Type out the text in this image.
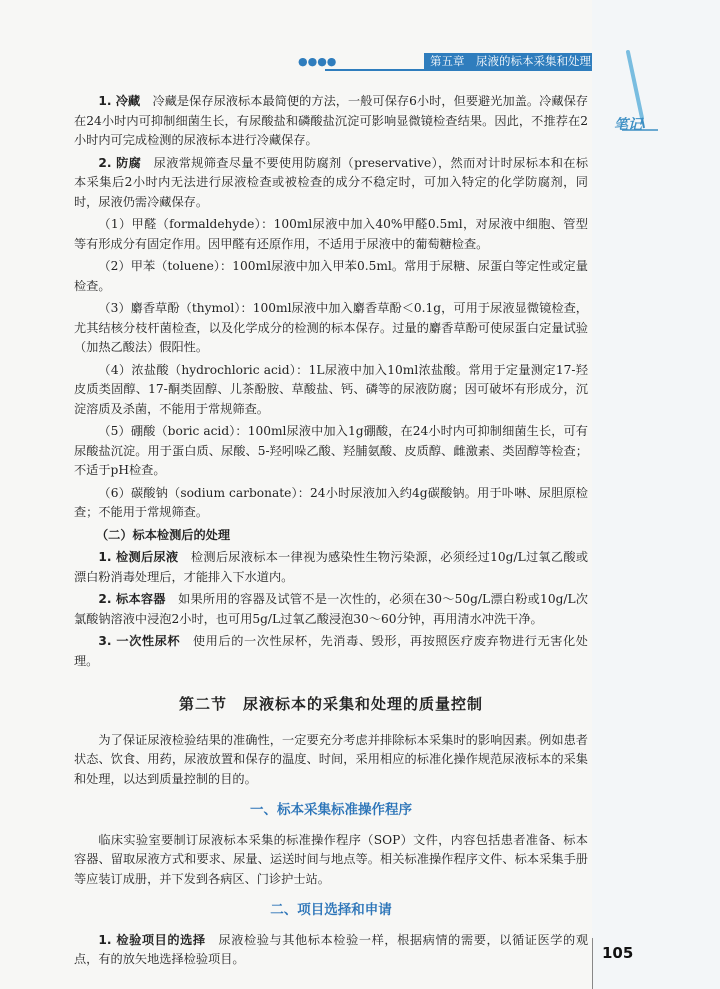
笔记
●●●●	第五章　尿液的标本采集和处理

1. 冷藏　 冷藏是保存尿液标本最简便的方法，一般可保存6小时，但要避光加盖。冷藏保存在24小时内可抑制细菌生长，有尿酸盐和磷酸盐沉淀可影响显微镜检查结果。因此，不推荐在2小时内可完成检测的尿液标本进行冷藏保存。

2. 防腐　 尿液常规筛查尽量不要使用防腐剂（preservative），然而对计时尿标本和在标本采集后2小时内无法进行尿液检查或被检查的成分不稳定时，可加入特定的化学防腐剂，同时，尿液仍需冷藏保存。

（1）甲醛（formaldehyde）：100ml尿液中加入40%甲醛0.5ml，对尿液中细胞、管型等有形成分有固定作用。因甲醛有还原作用，不适用于尿液中的葡萄糖检查。

（2）甲苯（toluene）：100ml尿液中加入甲苯0.5ml。常用于尿糖、尿蛋白等定性或定量检查。

（3）麝香草酚（thymol）：100ml尿液中加入麝香草酚＜0.1g，可用于尿液显微镜检查，尤其结核分枝杆菌检查，以及化学成分的检测的标本保存。过量的麝香草酚可使尿蛋白定量试验（加热乙酸法）假阳性。

（4）浓盐酸（hydrochloric acid）：1L尿液中加入10ml浓盐酸。常用于定量测定17-羟皮质类固醇、17-酮类固醇、儿茶酚胺、草酸盐、钙、磷等的尿液防腐；因可破坏有形成分，沉淀溶质及杀菌，不能用于常规筛查。

（5）硼酸（boric acid）：100ml尿液中加入1g硼酸，在24小时内可抑制细菌生长，可有尿酸盐沉淀。用于蛋白质、尿酸、5-羟吲哚乙酸、羟脯氨酸、皮质醇、雌激素、类固醇等检查；不适于pH检查。

（6）碳酸钠（sodium carbonate）：24小时尿液加入约4g碳酸钠。用于卟啉、尿胆原检查；不能用于常规筛查。

（二）标本检测后的处理

1. 检测后尿液　 检测后尿液标本一律视为感染性生物污染源，必须经过10g/L过氧乙酸或漂白粉消毒处理后，才能排入下水道内。

2. 标本容器　 如果所用的容器及试管不是一次性的，必须在30～50g/L漂白粉或10g/L次氯酸钠溶液中浸泡2小时，也可用5g/L过氧乙酸浸泡30～60分钟，再用清水冲洗干净。

3. 一次性尿杯　 使用后的一次性尿杯，先消毒、毁形，再按照医疗废弃物进行无害化处理。

第二节　尿液标本的采集和处理的质量控制

为了保证尿液检验结果的准确性，一定要充分考虑并排除标本采集时的影响因素。例如患者状态、饮食、用药，尿液放置和保存的温度、时间，采用相应的标准化操作规范尿液标本的采集和处理，以达到质量控制的目的。

一、标本采集标准操作程序

临床实验室要制订尿液标本采集的标准操作程序（SOP）文件，内容包括患者准备、标本容器、留取尿液方式和要求、尿量、运送时间与地点等。相关标准操作程序文件、标本采集手册等应装订成册，并下发到各病区、门诊护士站。

二、项目选择和申请

1. 检验项目的选择　 尿液检验与其他标本检验一样，根据病情的需要，以循证医学的观点，有的放矢地选择检验项目。	105
